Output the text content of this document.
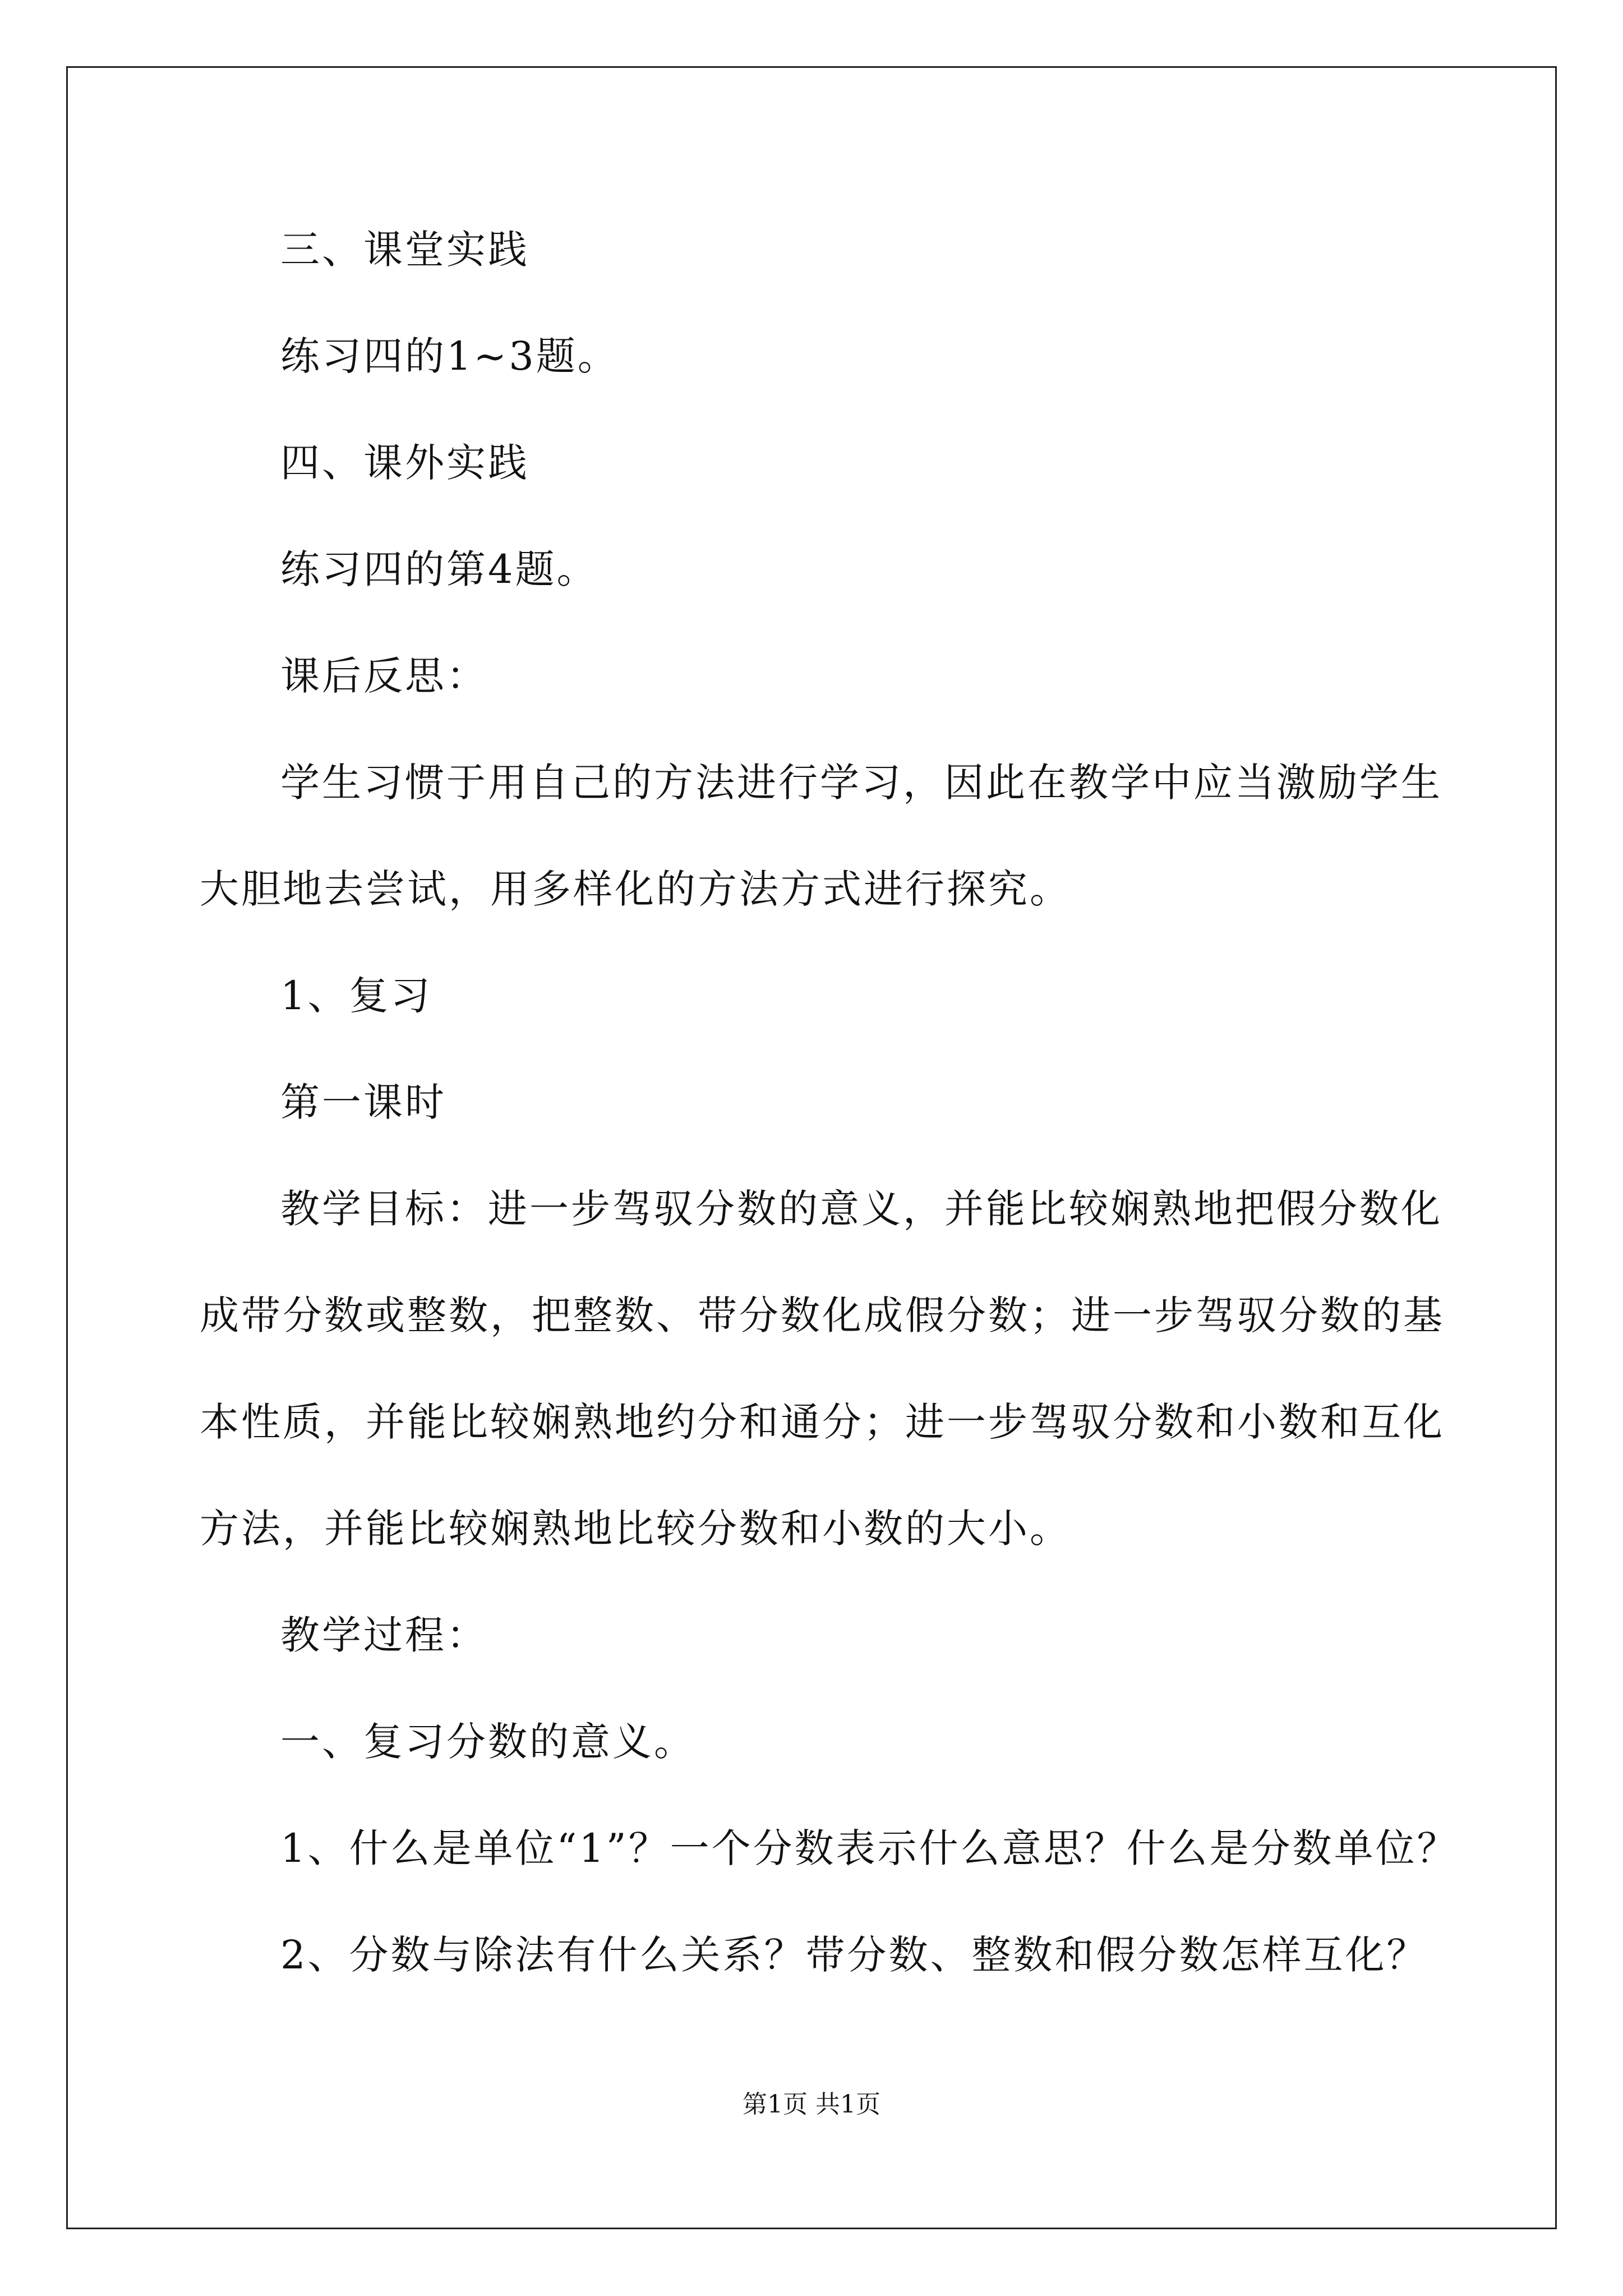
三、课堂实践

练习四的1~3题。

四、课外实践

练习四的第4题。

课后反思：

学生习惯于用自己的方法进行学习，因此在教学中应当激励学生

大胆地去尝试，用多样化的方法方式进行探究。

1、复习

第一课时

教学目标：进一步驾驭分数的意义，并能比较娴熟地把假分数化

成带分数或整数，把整数、带分数化成假分数；进一步驾驭分数的基

本性质，并能比较娴熟地约分和通分；进一步驾驭分数和小数和互化

方法，并能比较娴熟地比较分数和小数的大小。

教学过程：

一、复习分数的意义。

1、什么是单位“1”？一个分数表示什么意思？什么是分数单位？

2、分数与除法有什么关系？带分数、整数和假分数怎样互化？

第1页 共1页
